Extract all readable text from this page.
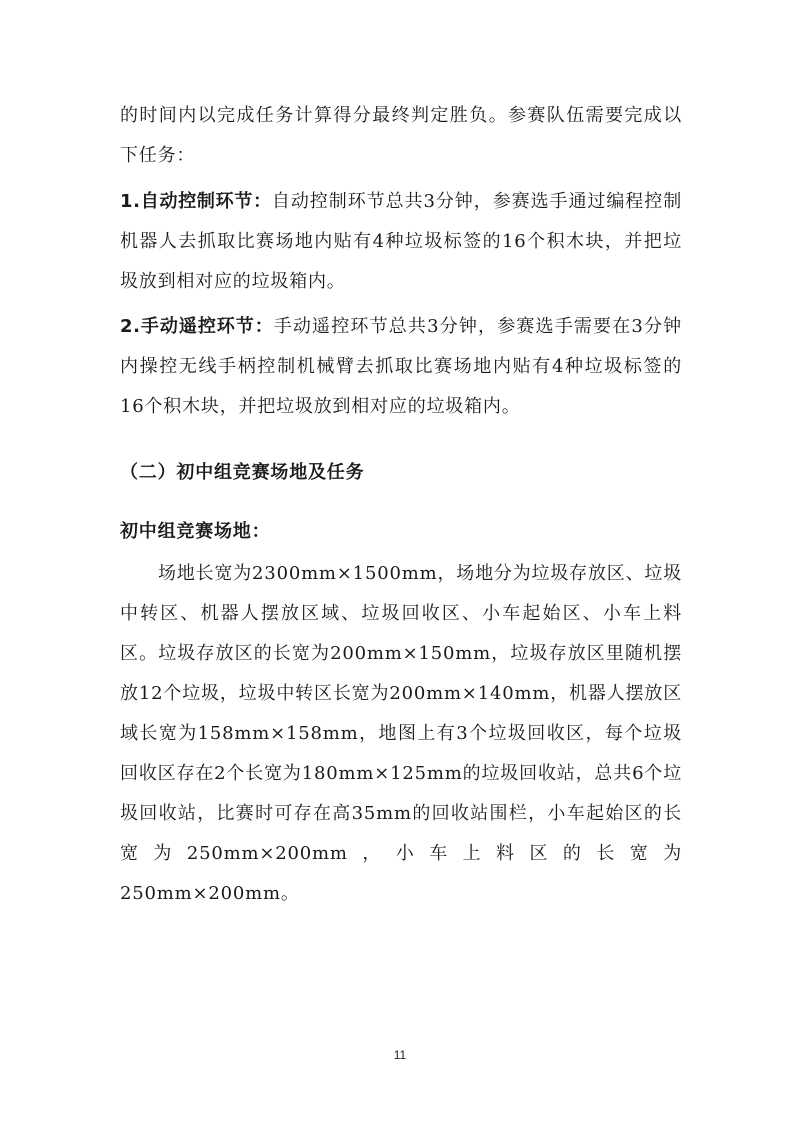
的时间内以完成任务计算得分最终判定胜负。参赛队伍需要完成以下任务：
1.自动控制环节：自动控制环节总共3分钟，参赛选手通过编程控制机器人去抓取比赛场地内贴有4种垃圾标签的16个积木块，并把垃圾放到相对应的垃圾箱内。
2.手动遥控环节：手动遥控环节总共3分钟，参赛选手需要在3分钟内操控无线手柄控制机械臂去抓取比赛场地内贴有4种垃圾标签的16个积木块，并把垃圾放到相对应的垃圾箱内。
（二）初中组竞赛场地及任务
初中组竞赛场地：
场地长宽为2300mm×1500mm，场地分为垃圾存放区、垃圾中转区、机器人摆放区域、垃圾回收区、小车起始区、小车上料区。垃圾存放区的长宽为200mm×150mm，垃圾存放区里随机摆放12个垃圾，垃圾中转区长宽为200mm×140mm，机器人摆放区域长宽为158mm×158mm，地图上有3个垃圾回收区，每个垃圾回收区存在2个长宽为180mm×125mm的垃圾回收站，总共6个垃圾回收站，比赛时可存在高35mm的回收站围栏，小车起始区的长宽为250mm×200mm，小车上料区的长宽为250mm×200mm。
11
